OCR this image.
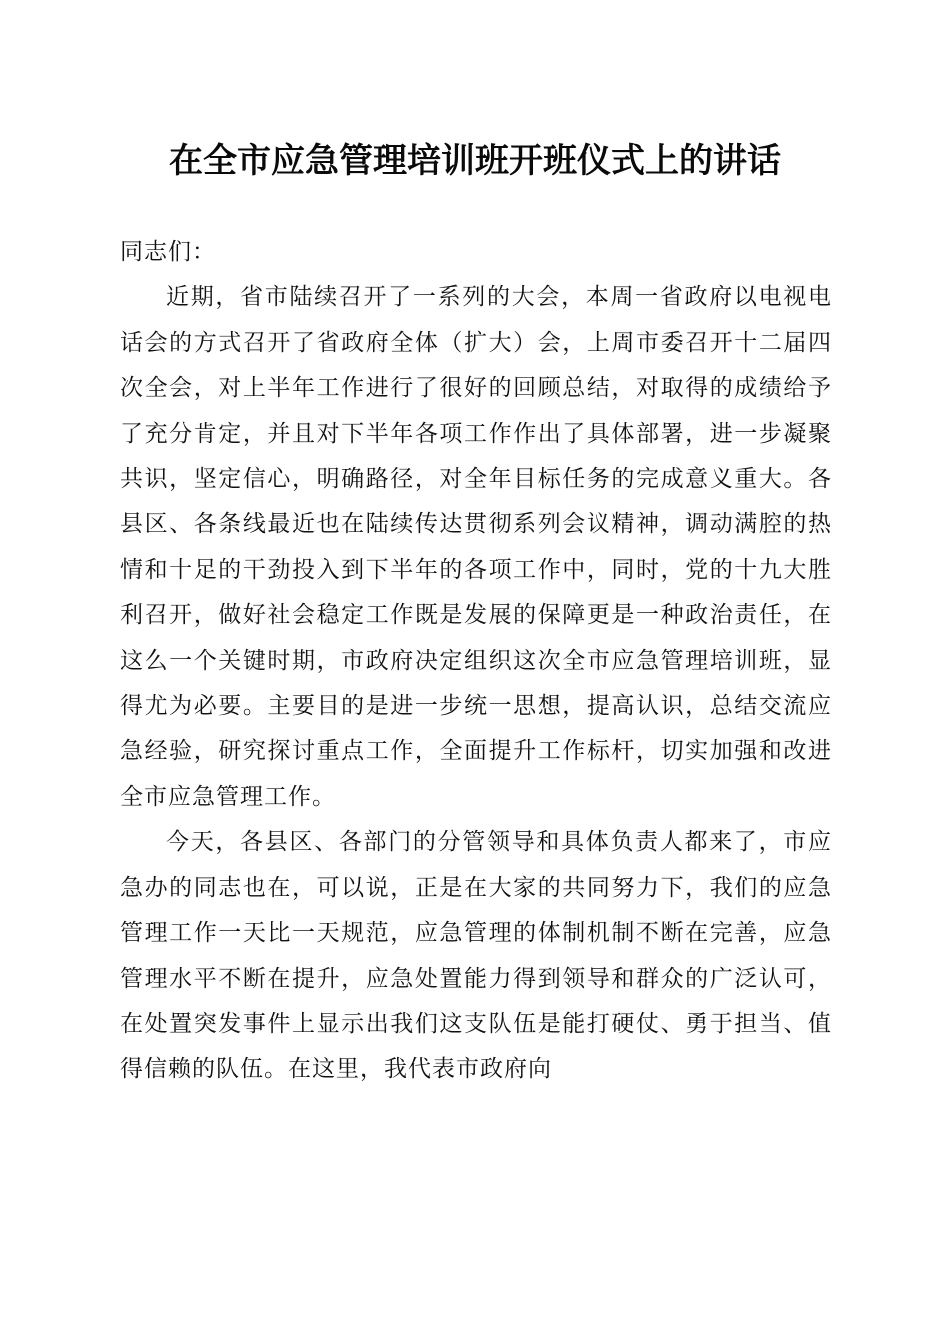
在全市应急管理培训班开班仪式上的讲话

同志们：

近期，省市陆续召开了一系列的大会，本周一省政府以电视电话会的方式召开了省政府全体（扩大）会，上周市委召开十二届四次全会，对上半年工作进行了很好的回顾总结，对取得的成绩给予了充分肯定，并且对下半年各项工作作出了具体部署，进一步凝聚共识，坚定信心，明确路径，对全年目标任务的完成意义重大。各县区、各条线最近也在陆续传达贯彻系列会议精神，调动满腔的热情和十足的干劲投入到下半年的各项工作中，同时，党的十九大胜利召开，做好社会稳定工作既是发展的保障更是一种政治责任，在这么一个关键时期，市政府决定组织这次全市应急管理培训班，显得尤为必要。主要目的是进一步统一思想，提高认识，总结交流应急经验，研究探讨重点工作，全面提升工作标杆，切实加强和改进全市应急管理工作。

今天，各县区、各部门的分管领导和具体负责人都来了，市应急办的同志也在，可以说，正是在大家的共同努力下，我们的应急管理工作一天比一天规范，应急管理的体制机制不断在完善，应急管理水平不断在提升，应急处置能力得到领导和群众的广泛认可，在处置突发事件上显示出我们这支队伍是能打硬仗、勇于担当、值得信赖的队伍。在这里，我代表市政府向
